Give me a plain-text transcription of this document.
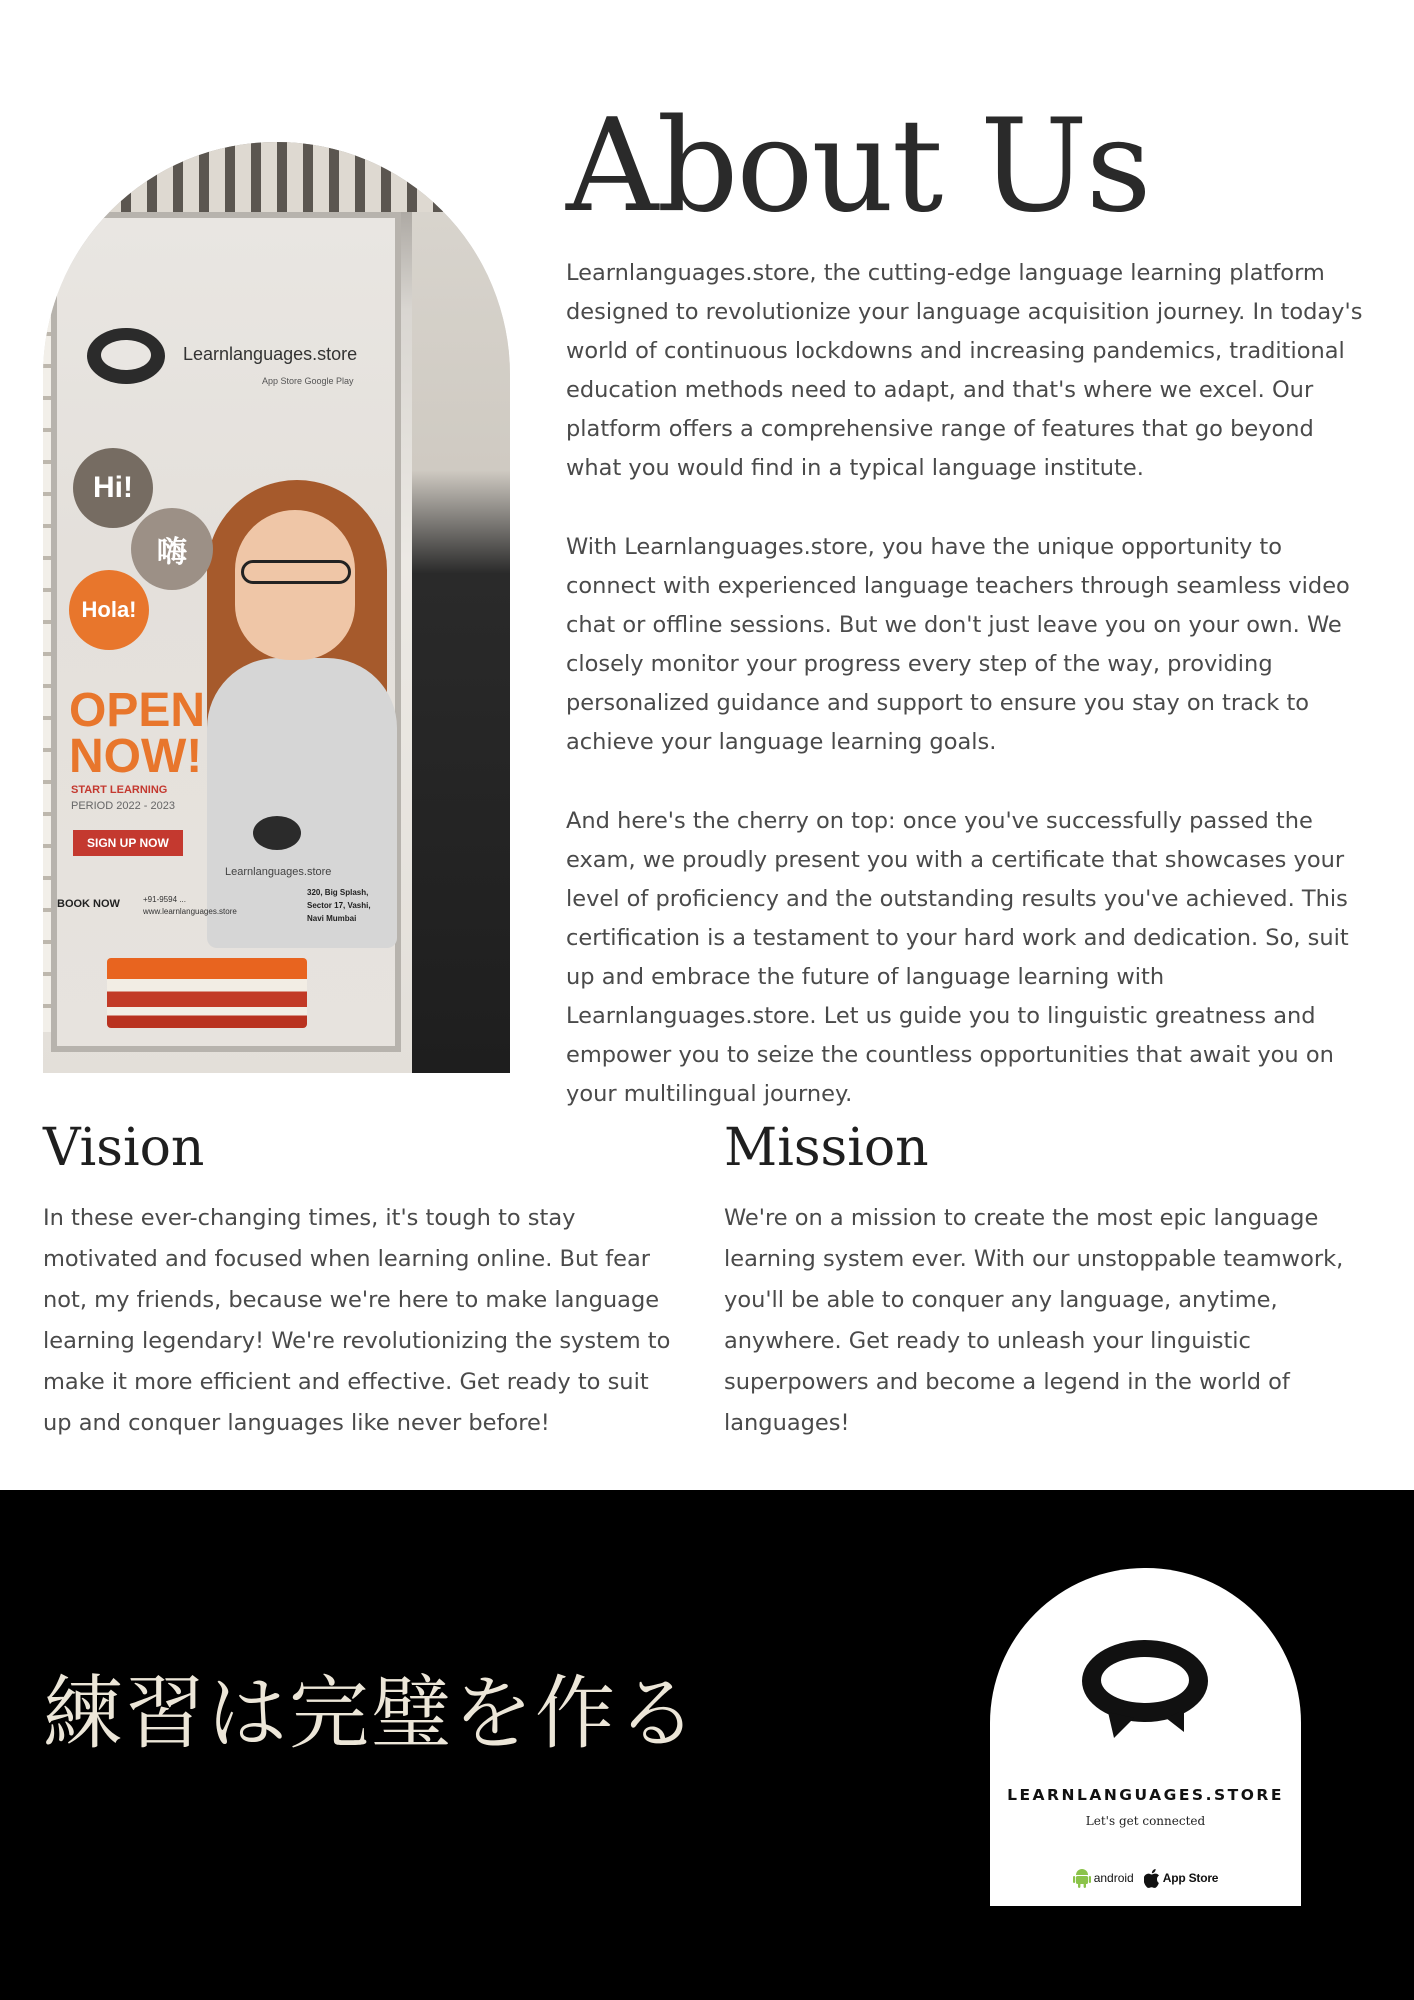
Learnlanguages.store
App Store Google Play
Learnlanguages.store
Hi!
嗨
Hola!
OPEN NOW!
START LEARNING
PERIOD 2022 - 2023
SIGN UP NOW
BOOK NOW	+91-9594 ... www.learnlanguages.store
320, Big Splash, Sector 17, Vashi, Navi Mumbai
About Us

Learnlanguages.store, the cutting-edge language learning platform designed to revolutionize your language acquisition journey. In today's world of continuous lockdowns and increasing pandemics, traditional education methods need to adapt, and that's where we excel. Our platform offers a comprehensive range of features that go beyond what you would find in a typical language institute.

With Learnlanguages.store, you have the unique opportunity to connect with experienced language teachers through seamless video chat or offline sessions. But we don't just leave you on your own. We closely monitor your progress every step of the way, providing personalized guidance and support to ensure you stay on track to achieve your language learning goals.

And here's the cherry on top: once you've successfully passed the exam, we proudly present you with a certificate that showcases your level of proficiency and the outstanding results you've achieved. This certification is a testament to your hard work and dedication. So, suit up and embrace the future of language learning with Learnlanguages.store. Let us guide you to linguistic greatness and empower you to seize the countless opportunities that await you on your multilingual journey.

Vision

In these ever-changing times, it's tough to stay motivated and focused when learning online. But fear not, my friends, because we're here to make language learning legendary! We're revolutionizing the system to make it more efficient and effective. Get ready to suit up and conquer languages like never before!

Mission

We're on a mission to create the most epic language learning system ever. With our unstoppable teamwork, you'll be able to conquer any language, anytime, anywhere. Get ready to unleash your linguistic superpowers and become a legend in the world of languages!

練習は完璧を作る
LEARNLANGUAGES.STORE
Let's get connected
android App Store
